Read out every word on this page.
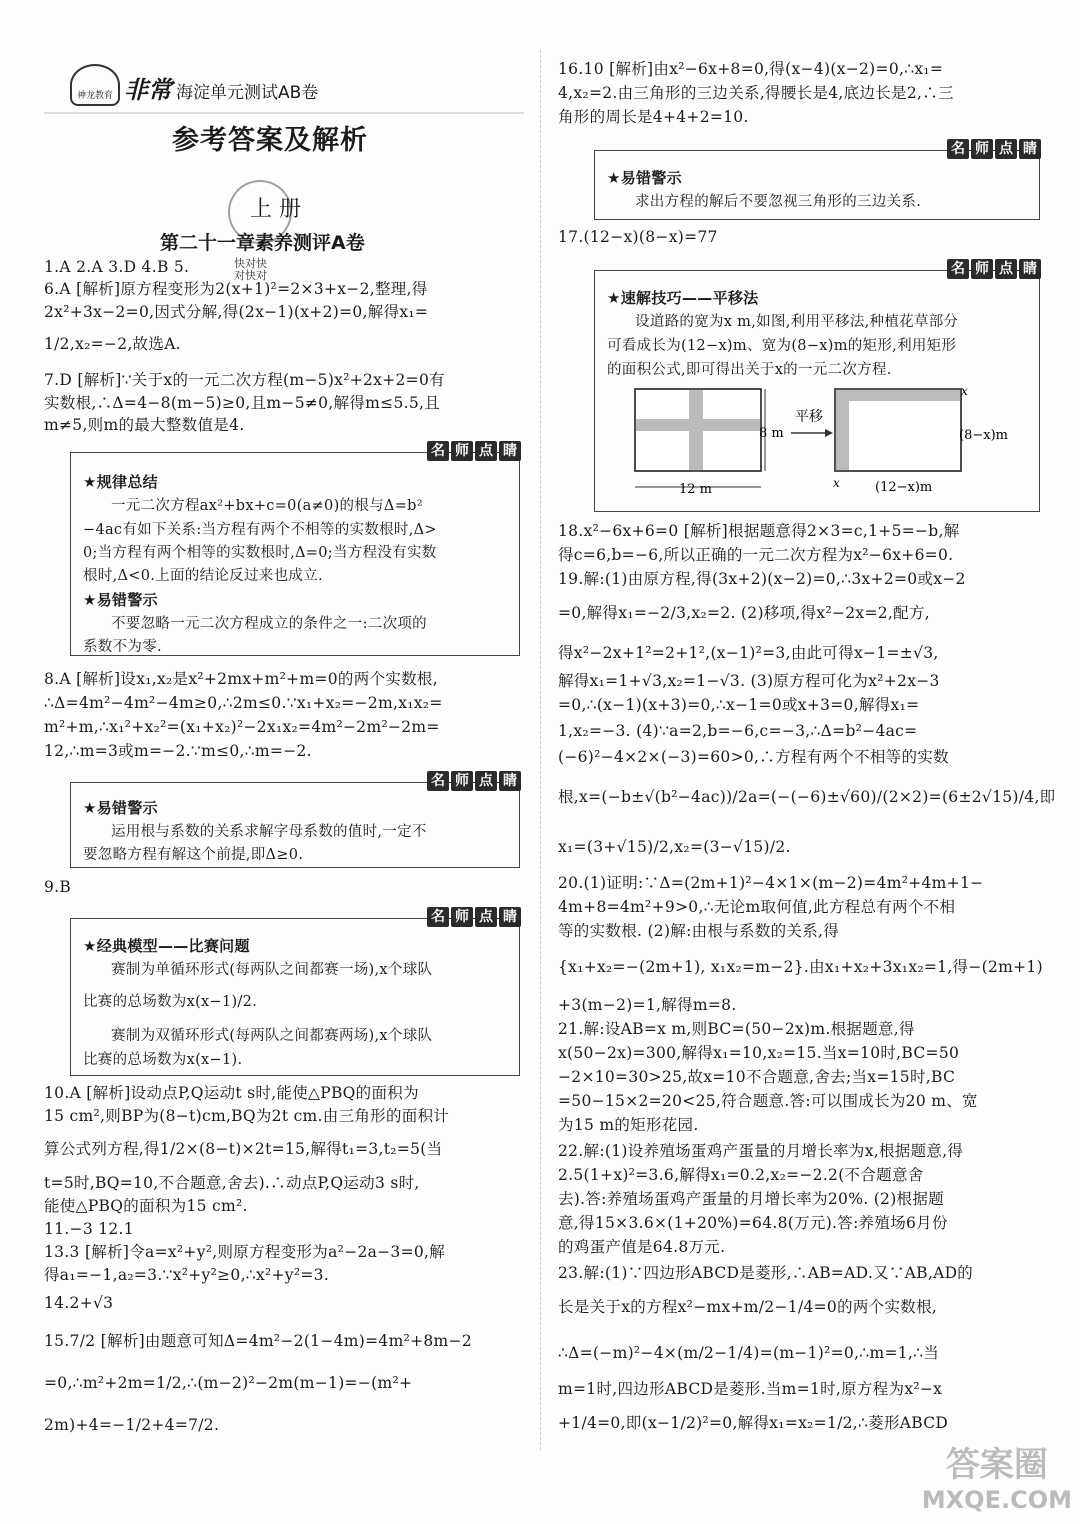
神龙教育 非常 海淀单元测试AB卷
参考答案及解析
上 册
第二十一章素养测评A卷
快对快对快对
1.A 2.A 3.D 4.B 5.
6.A [解析]原方程变形为2(x+1)²=2×3+x−2,整理,得
2x²+3x−2=0,因式分解,得(2x−1)(x+2)=0,解得x₁=
1/2,x₂=−2,故选A.
7.D [解析]∵关于x的一元二次方程(m−5)x²+2x+2=0有
实数根,∴Δ=4−8(m−5)≥0,且m−5≠0,解得m≤5.5,且
m≠5,则m的最大整数值是4.
8.A [解析]设x₁,x₂是x²+2mx+m²+m=0的两个实数根,
∴Δ=4m²−4m²−4m≥0,∴2m≤0.∵x₁+x₂=−2m,x₁x₂=
m²+m,∴x₁²+x₂²=(x₁+x₂)²−2x₁x₂=4m²−2m²−2m=
12,∴m=3或m=−2.∵m≤0,∴m=−2.
9.B
10.A [解析]设动点P,Q运动t s时,能使△PBQ的面积为
15 cm²,则BP为(8−t)cm,BQ为2t cm.由三角形的面积计
算公式列方程,得1/2×(8−t)×2t=15,解得t₁=3,t₂=5(当
t=5时,BQ=10,不合题意,舍去).∴动点P,Q运动3 s时,
能使△PBQ的面积为15 cm².
11.−3 12.1
13.3 [解析]令a=x²+y²,则原方程变形为a²−2a−3=0,解
得a₁=−1,a₂=3.∵x²+y²≥0,∴x²+y²=3.
14.2+√3
15.7/2 [解析]由题意可知Δ=4m²−2(1−4m)=4m²+8m−2
=0,∴m²+2m=1/2,∴(m−2)²−2m(m−1)=−(m²+
2m)+4=−1/2+4=7/2.
名 师 点 睛
★规律总结
一元二次方程ax²+bx+c=0(a≠0)的根与Δ=b²
−4ac有如下关系:当方程有两个不相等的实数根时,Δ>
0;当方程有两个相等的实数根时,Δ=0;当方程没有实数
根时,Δ<0.上面的结论反过来也成立.
★易错警示
不要忽略一元二次方程成立的条件之一:二次项的
系数不为零.
名 师 点 睛
★易错警示
运用根与系数的关系求解字母系数的值时,一定不
要忽略方程有解这个前提,即Δ≥0.
名 师 点 睛
★经典模型——比赛问题
赛制为单循环形式(每两队之间都赛一场),x个球队
比赛的总场数为x(x−1)/2.
赛制为双循环形式(每两队之间都赛两场),x个球队
比赛的总场数为x(x−1).
16.10 [解析]由x²−6x+8=0,得(x−4)(x−2)=0,∴x₁=
4,x₂=2.由三角形的三边关系,得腰长是4,底边长是2,∴三
角形的周长是4+4+2=10.
17.(12−x)(8−x)=77
18.x²−6x+6=0 [解析]根据题意得2×3=c,1+5=−b,解
得c=6,b=−6,所以正确的一元二次方程为x²−6x+6=0.
19.解:(1)由原方程,得(3x+2)(x−2)=0,∴3x+2=0或x−2
=0,解得x₁=−2/3,x₂=2. (2)移项,得x²−2x=2,配方,
得x²−2x+1²=2+1²,(x−1)²=3,由此可得x−1=±√3,
解得x₁=1+√3,x₂=1−√3. (3)原方程可化为x²+2x−3
=0,∴(x−1)(x+3)=0,∴x−1=0或x+3=0,解得x₁=
1,x₂=−3. (4)∵a=2,b=−6,c=−3,∴Δ=b²−4ac=
(−6)²−4×2×(−3)=60>0,∴方程有两个不相等的实数
根,x=(−b±√(b²−4ac))/2a=(−(−6)±√60)/(2×2)=(6±2√15)/4,即
x₁=(3+√15)/2,x₂=(3−√15)/2.
20.(1)证明:∵Δ=(2m+1)²−4×1×(m−2)=4m²+4m+1−
4m+8=4m²+9>0,∴无论m取何值,此方程总有两个不相
等的实数根. (2)解:由根与系数的关系,得
{x₁+x₂=−(2m+1), x₁x₂=m−2}.由x₁+x₂+3x₁x₂=1,得−(2m+1)
+3(m−2)=1,解得m=8.
21.解:设AB=x m,则BC=(50−2x)m.根据题意,得
x(50−2x)=300,解得x₁=10,x₂=15.当x=10时,BC=50
−2×10=30>25,故x=10不合题意,舍去;当x=15时,BC
=50−15×2=20<25,符合题意.答:可以围成长为20 m、宽
为15 m的矩形花园.
22.解:(1)设养殖场蛋鸡产蛋量的月增长率为x,根据题意,得
2.5(1+x)²=3.6,解得x₁=0.2,x₂=−2.2(不合题意舍
去).答:养殖场蛋鸡产蛋量的月增长率为20%. (2)根据题
意,得15×3.6×(1+20%)=64.8(万元).答:养殖场6月份
的鸡蛋产值是64.8万元.
23.解:(1)∵四边形ABCD是菱形,∴AB=AD.又∵AB,AD的
长是关于x的方程x²−mx+m/2−1/4=0的两个实数根,
∴Δ=(−m)²−4×(m/2−1/4)=(m−1)²=0,∴m=1,∴当
m=1时,四边形ABCD是菱形.当m=1时,原方程为x²−x
+1/4=0,即(x−1/2)²=0,解得x₁=x₂=1/2,∴菱形ABCD
名 师 点 睛
★易错警示
求出方程的解后不要忽视三角形的三边关系.
名 师 点 睛
★速解技巧——平移法
设道路的宽为x m,如图,利用平移法,种植花草部分
可看成长为(12−x)m、宽为(8−x)m的矩形,利用矩形
的面积公式,即可得出关于x的一元二次方程.
12 m
8 m
平移
x
x
(8−x)m
(12−x)m
答案圈
MXQE.COM
